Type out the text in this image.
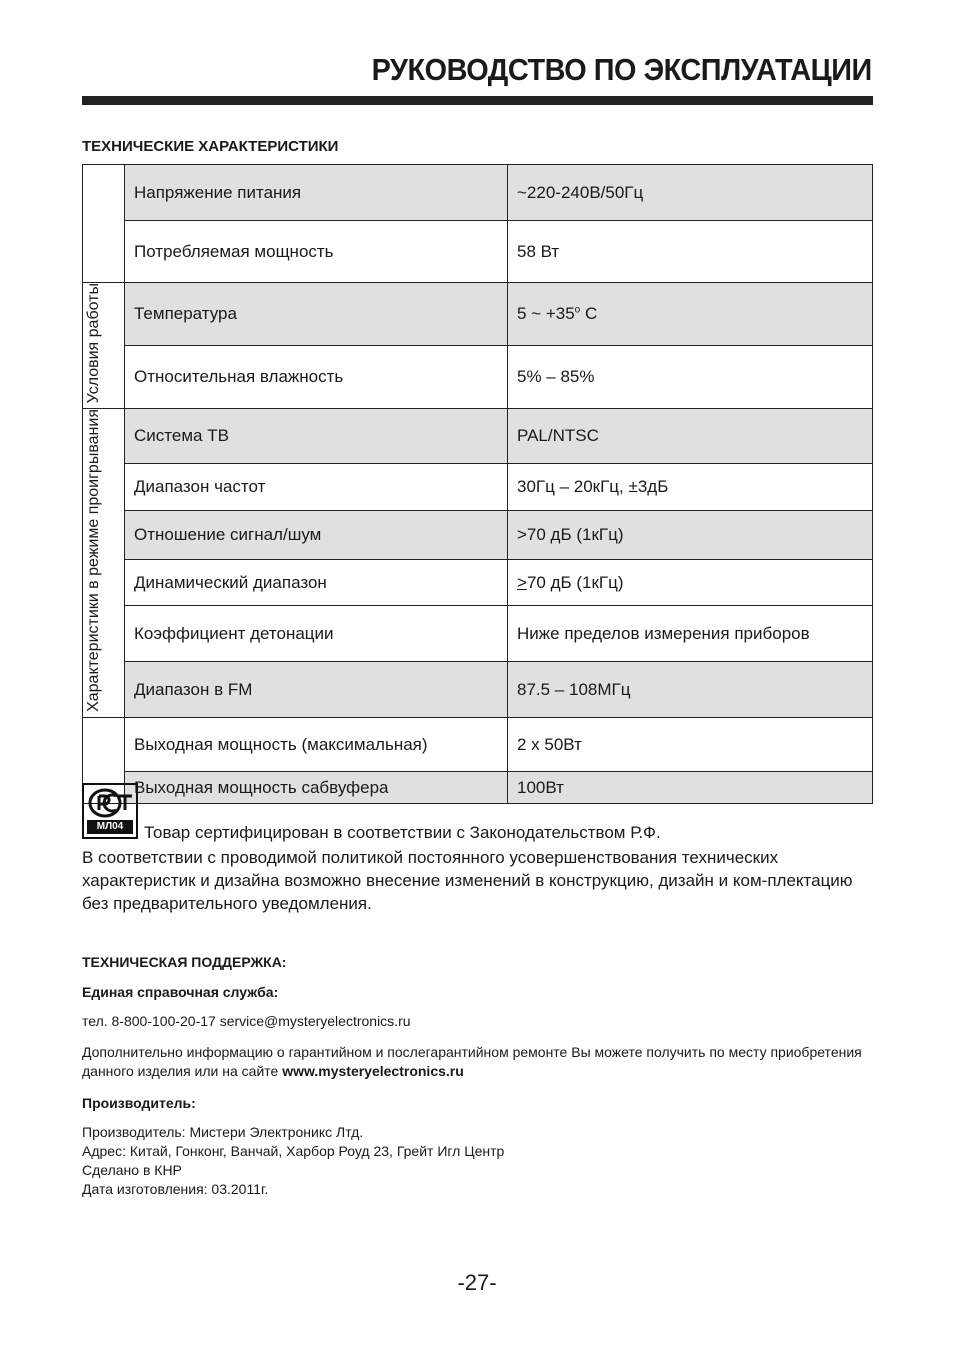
РУКОВОДСТВО ПО ЭКСПЛУАТАЦИИ
ТЕХНИЧЕСКИЕ ХАРАКТЕРИСТИКИ
	Напряжение питания	~220-240В/50Гц
	Потребляемая мощность	58 Вт
Условия работы	Температура	5 ~ $+35^о$ С
	Относительная влажность	5% – 85%
Характеристики в режиме проигрывания	Система ТВ	PAL/NTSC
	Диапазон частот	30Гц – 20кГц, ±3дБ
	Отношение сигнал/шум	>70 дБ (1кГц)
	Динамический диапазон	>70 дБ (1кГц)
	Коэффициент детонации	Ниже пределов измерения приборов
	Диапазон в FM	87.5 – 108МГц
	Выходная мощность (максимальная)	2 х 50Вт
	Выходная мощность сабвуфера	100Вт
МЛ04	Товар сертифицирован в соответствии с Законодательством Р.Ф.
В соответствии с проводимой политикой постоянного усовершенствования технических характеристик и дизайна возможно внесение изменений в конструкцию, дизайн и ком-плектацию без предварительного уведомления.
ТЕХНИЧЕСКАЯ ПОДДЕРЖКА:
Единая справочная служба:
тел. 8-800-100-20-17 service@mysteryelectronics.ru
Дополнительно информацию о гарантийном и послегарантийном ремонте Вы можете получить по месту приобретения данного изделия или на сайте www.mysteryelectronics.ru
Производитель:
Производитель: Мистери Электроникс Лтд.
Адрес: Китай, Гонконг, Ванчай, Харбор Роуд 23, Грейт Игл Центр
Сделано в КНР
Дата изготовления: 03.2011г.
-27-
